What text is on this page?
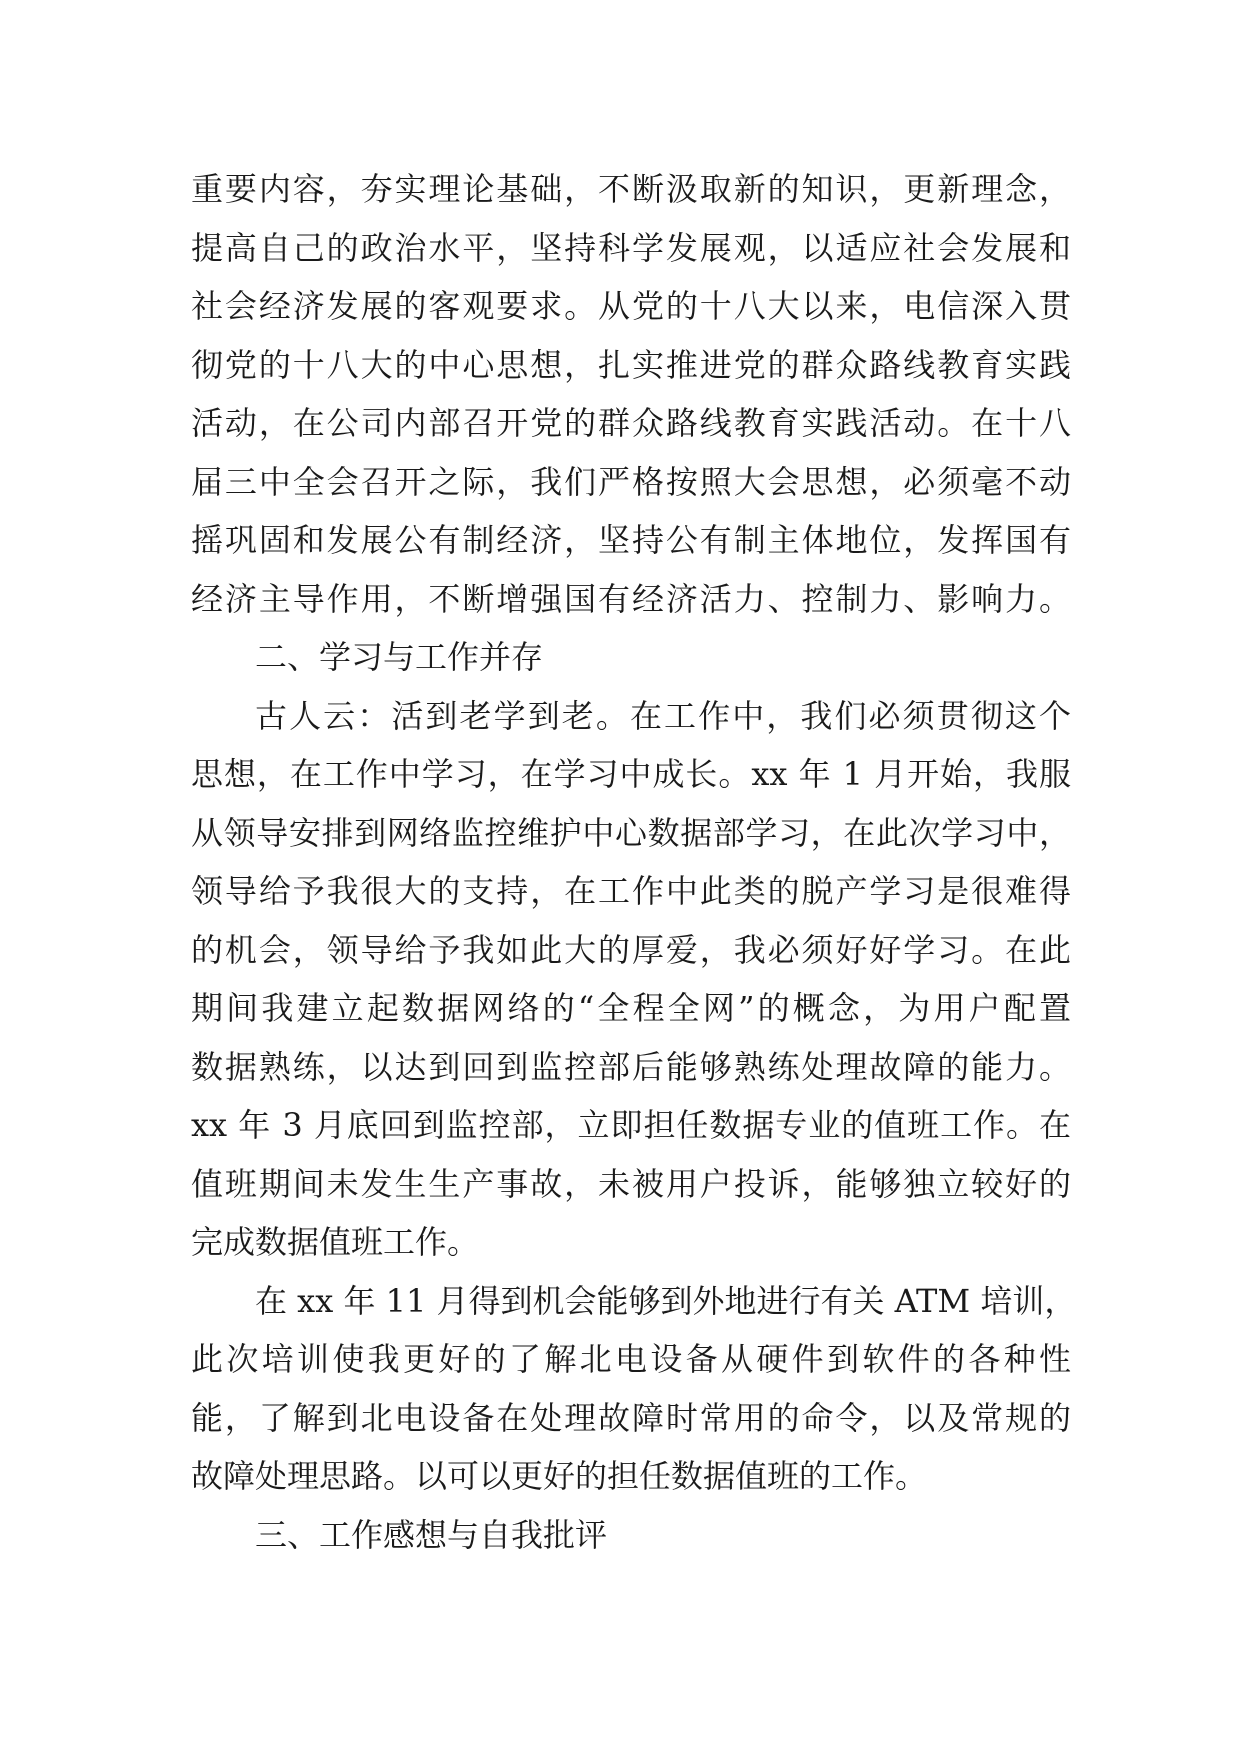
重要内容，夯实理论基础，不断汲取新的知识，更新理念，
提高自己的政治水平，坚持科学发展观，以适应社会发展和
社会经济发展的客观要求。从党的十八大以来，电信深入贯
彻党的十八大的中心思想，扎实推进党的群众路线教育实践
活动，在公司内部召开党的群众路线教育实践活动。在十八
届三中全会召开之际，我们严格按照大会思想，必须毫不动
摇巩固和发展公有制经济，坚持公有制主体地位，发挥国有
经济主导作用，不断增强国有经济活力、控制力、影响力。
二、学习与工作并存
古人云：活到老学到老。在工作中，我们必须贯彻这个
思想，在工作中学习，在学习中成长。xx 年 1 月开始，我服
从领导安排到网络监控维护中心数据部学习，在此次学习中，
领导给予我很大的支持，在工作中此类的脱产学习是很难得
的机会，领导给予我如此大的厚爱，我必须好好学习。在此
期间我建立起数据网络的“全程全网”的概念，为用户配置
数据熟练，以达到回到监控部后能够熟练处理故障的能力。
xx 年 3 月底回到监控部，立即担任数据专业的值班工作。在
值班期间未发生生产事故，未被用户投诉，能够独立较好的
完成数据值班工作。
在 xx 年 11 月得到机会能够到外地进行有关 ATM 培训，
此次培训使我更好的了解北电设备从硬件到软件的各种性
能，了解到北电设备在处理故障时常用的命令，以及常规的
故障处理思路。以可以更好的担任数据值班的工作。
三、工作感想与自我批评
